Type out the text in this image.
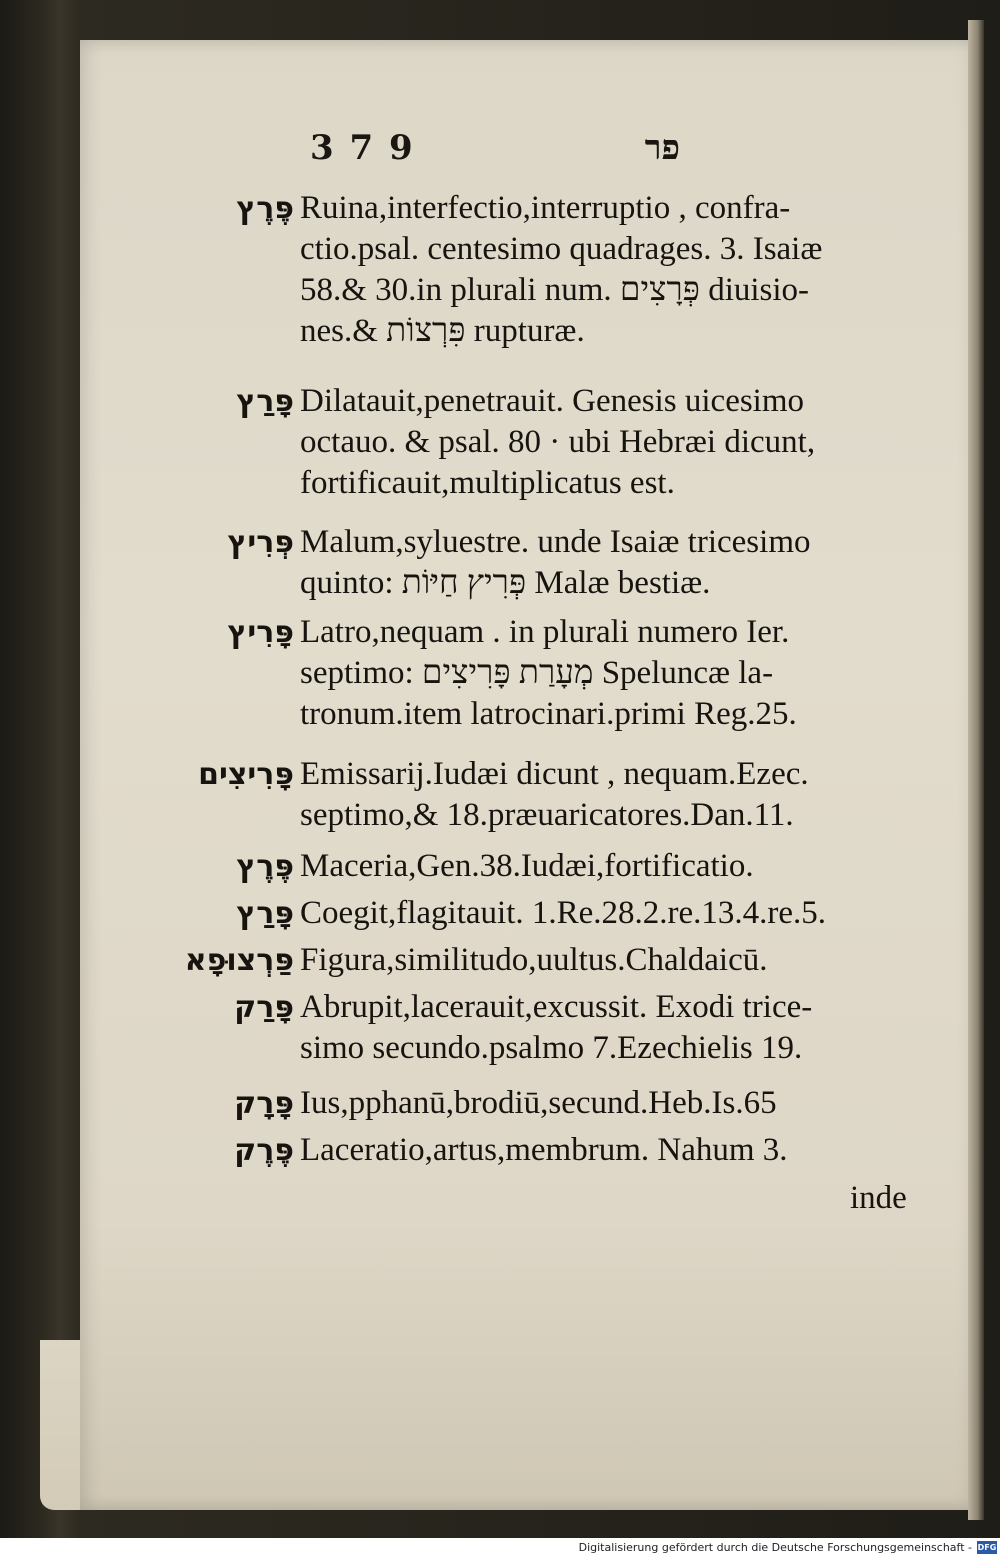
3 7 9	פר
פֶּרֶץ Ruina,interfectio,interruptio , confra-

ctio.psal. centesimo quadrages. 3. Isaiæ

58.& 30.in plurali num. פְּרָצִים diuisio-

nes.& פִּרְצוֹת rupturæ.

פָּרַץ Dilatauit,penetrauit. Genesis uicesimo

octauo. & psal. 80 · ubi Hebræi dicunt,

fortificauit,multiplicatus est.

פְּרִיץ Malum,syluestre. unde Isaiæ tricesimo

quinto: פְּרִיץ חַיּוֹת Malæ bestiæ.

פָּרִיץ Latro,nequam . in plurali numero Ier.

septimo: מְעָרַת פָּרִיצִים Speluncæ la-

tronum.item latrocinari.primi Reg.25.

פָּרִיצִים Emissarij.Iudæi dicunt , nequam.Ezec.

septimo,& 18.præuaricatores.Dan.11.

פֶּרֶץ Maceria,Gen.38.Iudæi,fortificatio.

פָּרַץ Coegit,flagitauit. 1.Re.28.2.re.13.4.re.5.

פַּרְצוּפָא Figura,similitudo,uultus.Chaldaicū.

פָּרַק Abrupit,lacerauit,excussit. Exodi trice-

simo secundo.psalmo 7.Ezechielis 19.

פָּרָק Ius,pphanū,brodiū,secund.Heb.Is.65

פֶּרֶק Laceratio,artus,membrum. Nahum 3.

inde
Digitalisierung gefördert durch die Deutsche Forschungsgemeinschaft - DFG
